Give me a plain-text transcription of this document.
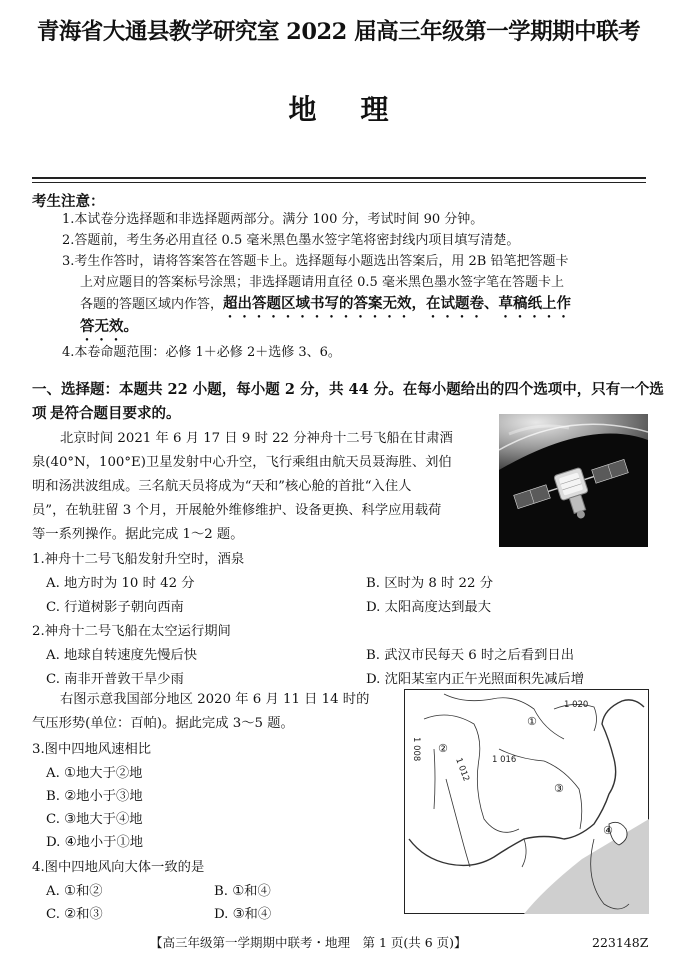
青海省大通县教学研究室 2022 届高三年级第一学期期中联考
地理
考生注意：
1.本试卷分选择题和非选择题两部分。满分 100 分，考试时间 90 分钟。
2.答题前，考生务必用直径 0.5 毫米黑色墨水签字笔将密封线内项目填写清楚。
3.考生作答时，请将答案答在答题卡上。选择题每小题选出答案后，用 2B 铅笔把答题卡
上对应题目的答案标号涂黑；非选择题请用直径 0.5 毫米黑色墨水签字笔在答题卡上
各题的答题区域内作答，超出答题区域书写的答案无效，在试题卷、草稿纸上作
答无效。
4.本卷命题范围：必修 1＋必修 2＋选修 3、6。
一、选择题：本题共 22 小题，每小题 2 分，共 44 分。在每小题给出的四个选项中，只有一个选项 是符合题目要求的。
北京时间 2021 年 6 月 17 日 9 时 22 分神舟十二号飞船在甘肃酒
泉(40°N，100°E)卫星发射中心升空，飞行乘组由航天员聂海胜、刘伯
明和汤洪波组成。三名航天员将成为“天和”核心舱的首批“入住人
员”，在轨驻留 3 个月，开展舱外维修维护、设备更换、科学应用载荷
等一系列操作。据此完成 1～2 题。
1.神舟十二号飞船发射升空时，酒泉
A. 地方时为 10 时 42 分	B. 区时为 8 时 22 分
C. 行道树影子朝向西南	D. 太阳高度达到最大
2.神舟十二号飞船在太空运行期间
A. 地球自转速度先慢后快	B. 武汉市民每天 6 时之后看到日出
C. 南非开普敦干旱少雨	D. 沈阳某室内正午光照面积先减后增
右图示意我国部分地区 2020 年 6 月 11 日 14 时的
气压形势(单位：百帕)。据此完成 3～5 题。
3.图中四地风速相比
A. ①地大于②地
B. ②地小于③地
C. ③地大于④地
D. ④地小于①地
4.图中四地风向大体一致的是
A. ①和②	B. ①和④
C. ②和③	D. ③和④
1 020
1 016
1 012
1 008
①
②
③
④
【高三年级第一学期期中联考・地理　第 1 页(共 6 页)】	223148Z
